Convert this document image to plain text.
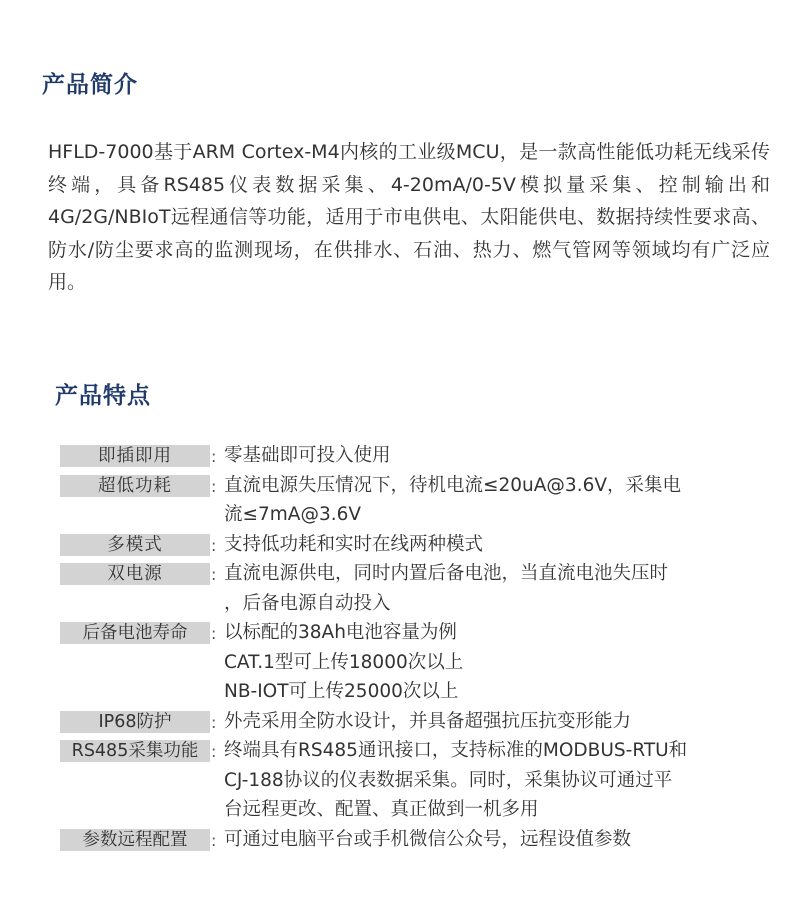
产品简介

HFLD-7000基于ARM Cortex-M4内核的工业级MCU，是一款高性能低功耗无线采传终端，具备RS485仪表数据采集、4-20mA/0-5V模拟量采集、控制输出和4G/2G/NBIoT远程通信等功能，适用于市电供电、太阳能供电、数据持续性要求高、防水/防尘要求高的监测现场，在供排水、石油、热力、燃气管网等领域均有广泛应用。

产品特点
即插即用	: 零基础即可投入使用
超低功耗	: 直流电源失压情况下，待机电流≤20uA@3.6V，采集电
流≤7mA@3.6V
多模式	: 支持低功耗和实时在线两种模式
双电源	: 直流电源供电，同时内置后备电池，当直流电池失压时
，后备电源自动投入
后备电池寿命	: 以标配的38Ah电池容量为例
CAT.1型可上传18000次以上
NB-IOT可上传25000次以上
IP68防护	: 外壳采用全防水设计，并具备超强抗压抗变形能力
RS485采集功能 : 终端具有RS485通讯接口，支持标准的MODBUS-RTU和
CJ-188协议的仪表数据采集。同时，采集协议可通过平
台远程更改、配置、真正做到一机多用
参数远程配置	: 可通过电脑平台或手机微信公众号，远程设值参数
